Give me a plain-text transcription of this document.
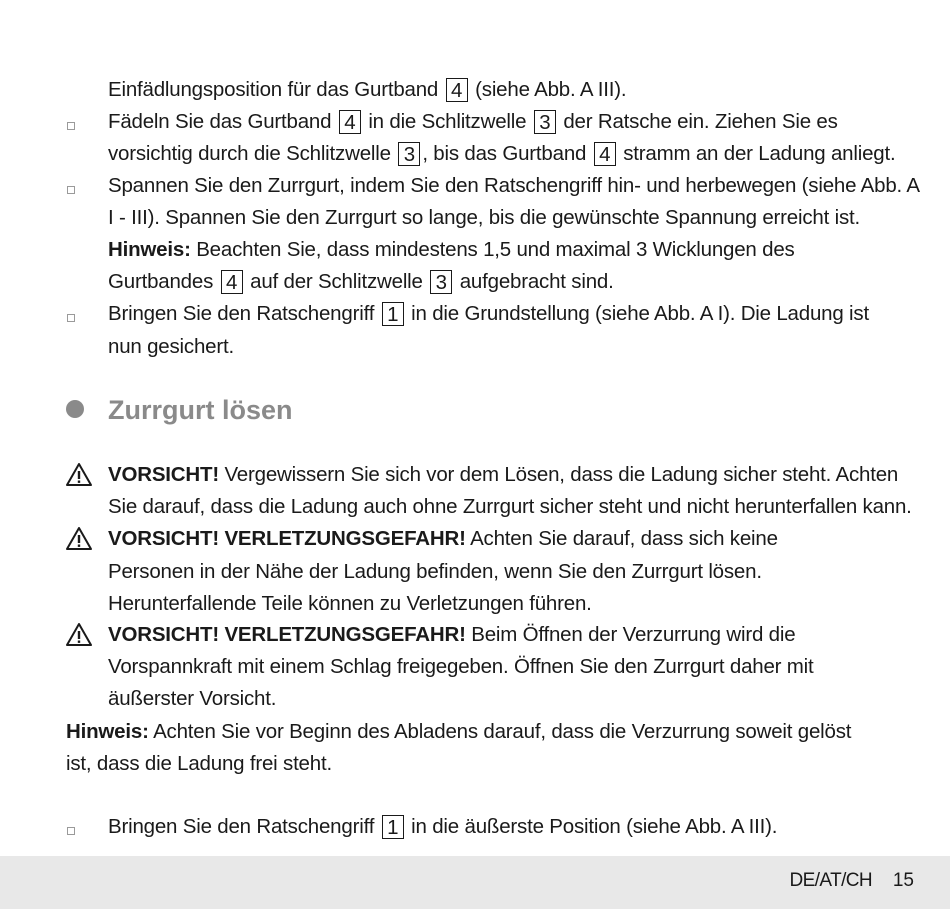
Einfädlungsposition für das Gurtband 4 (siehe Abb. A III).
Fädeln Sie das Gurtband 4 in die Schlitzwelle 3 der Ratsche ein. Ziehen Sie es
vorsichtig durch die Schlitzwelle 3 , bis das Gurtband 4 stramm an der Ladung anliegt.
Spannen Sie den Zurrgurt, indem Sie den Ratschengriff hin- und herbewegen (siehe Abb. A
I - III). Spannen Sie den Zurrgurt so lange, bis die gewünschte Spannung erreicht ist.
Hinweis: Beachten Sie, dass mindestens 1,5 und maximal 3 Wicklungen des
Gurtbandes 4 auf der Schlitzwelle 3 aufgebracht sind.
Bringen Sie den Ratschengriff 1 in die Grundstellung (siehe Abb. A I). Die Ladung ist
nun gesichert.
Zurrgurt lösen
VORSICHT! Vergewissern Sie sich vor dem Lösen, dass die Ladung sicher steht. Achten
Sie darauf, dass die Ladung auch ohne Zurrgurt sicher steht und nicht herunterfallen kann.
VORSICHT! VERLETZUNGSGEFAHR! Achten Sie darauf, dass sich keine
Personen in der Nähe der Ladung befinden, wenn Sie den Zurrgurt lösen.
Herunterfallende Teile können zu Verletzungen führen.
VORSICHT! VERLETZUNGSGEFAHR! Beim Öffnen der Verzurrung wird die
Vorspannkraft mit einem Schlag freigegeben. Öffnen Sie den Zurrgurt daher mit
äußerster Vorsicht.
Hinweis: Achten Sie vor Beginn des Abladens darauf, dass die Verzurrung soweit gelöst
ist, dass die Ladung frei steht.
Bringen Sie den Ratschengriff 1 in die äußerste Position (siehe Abb. A III).
DE/AT/CH 15
